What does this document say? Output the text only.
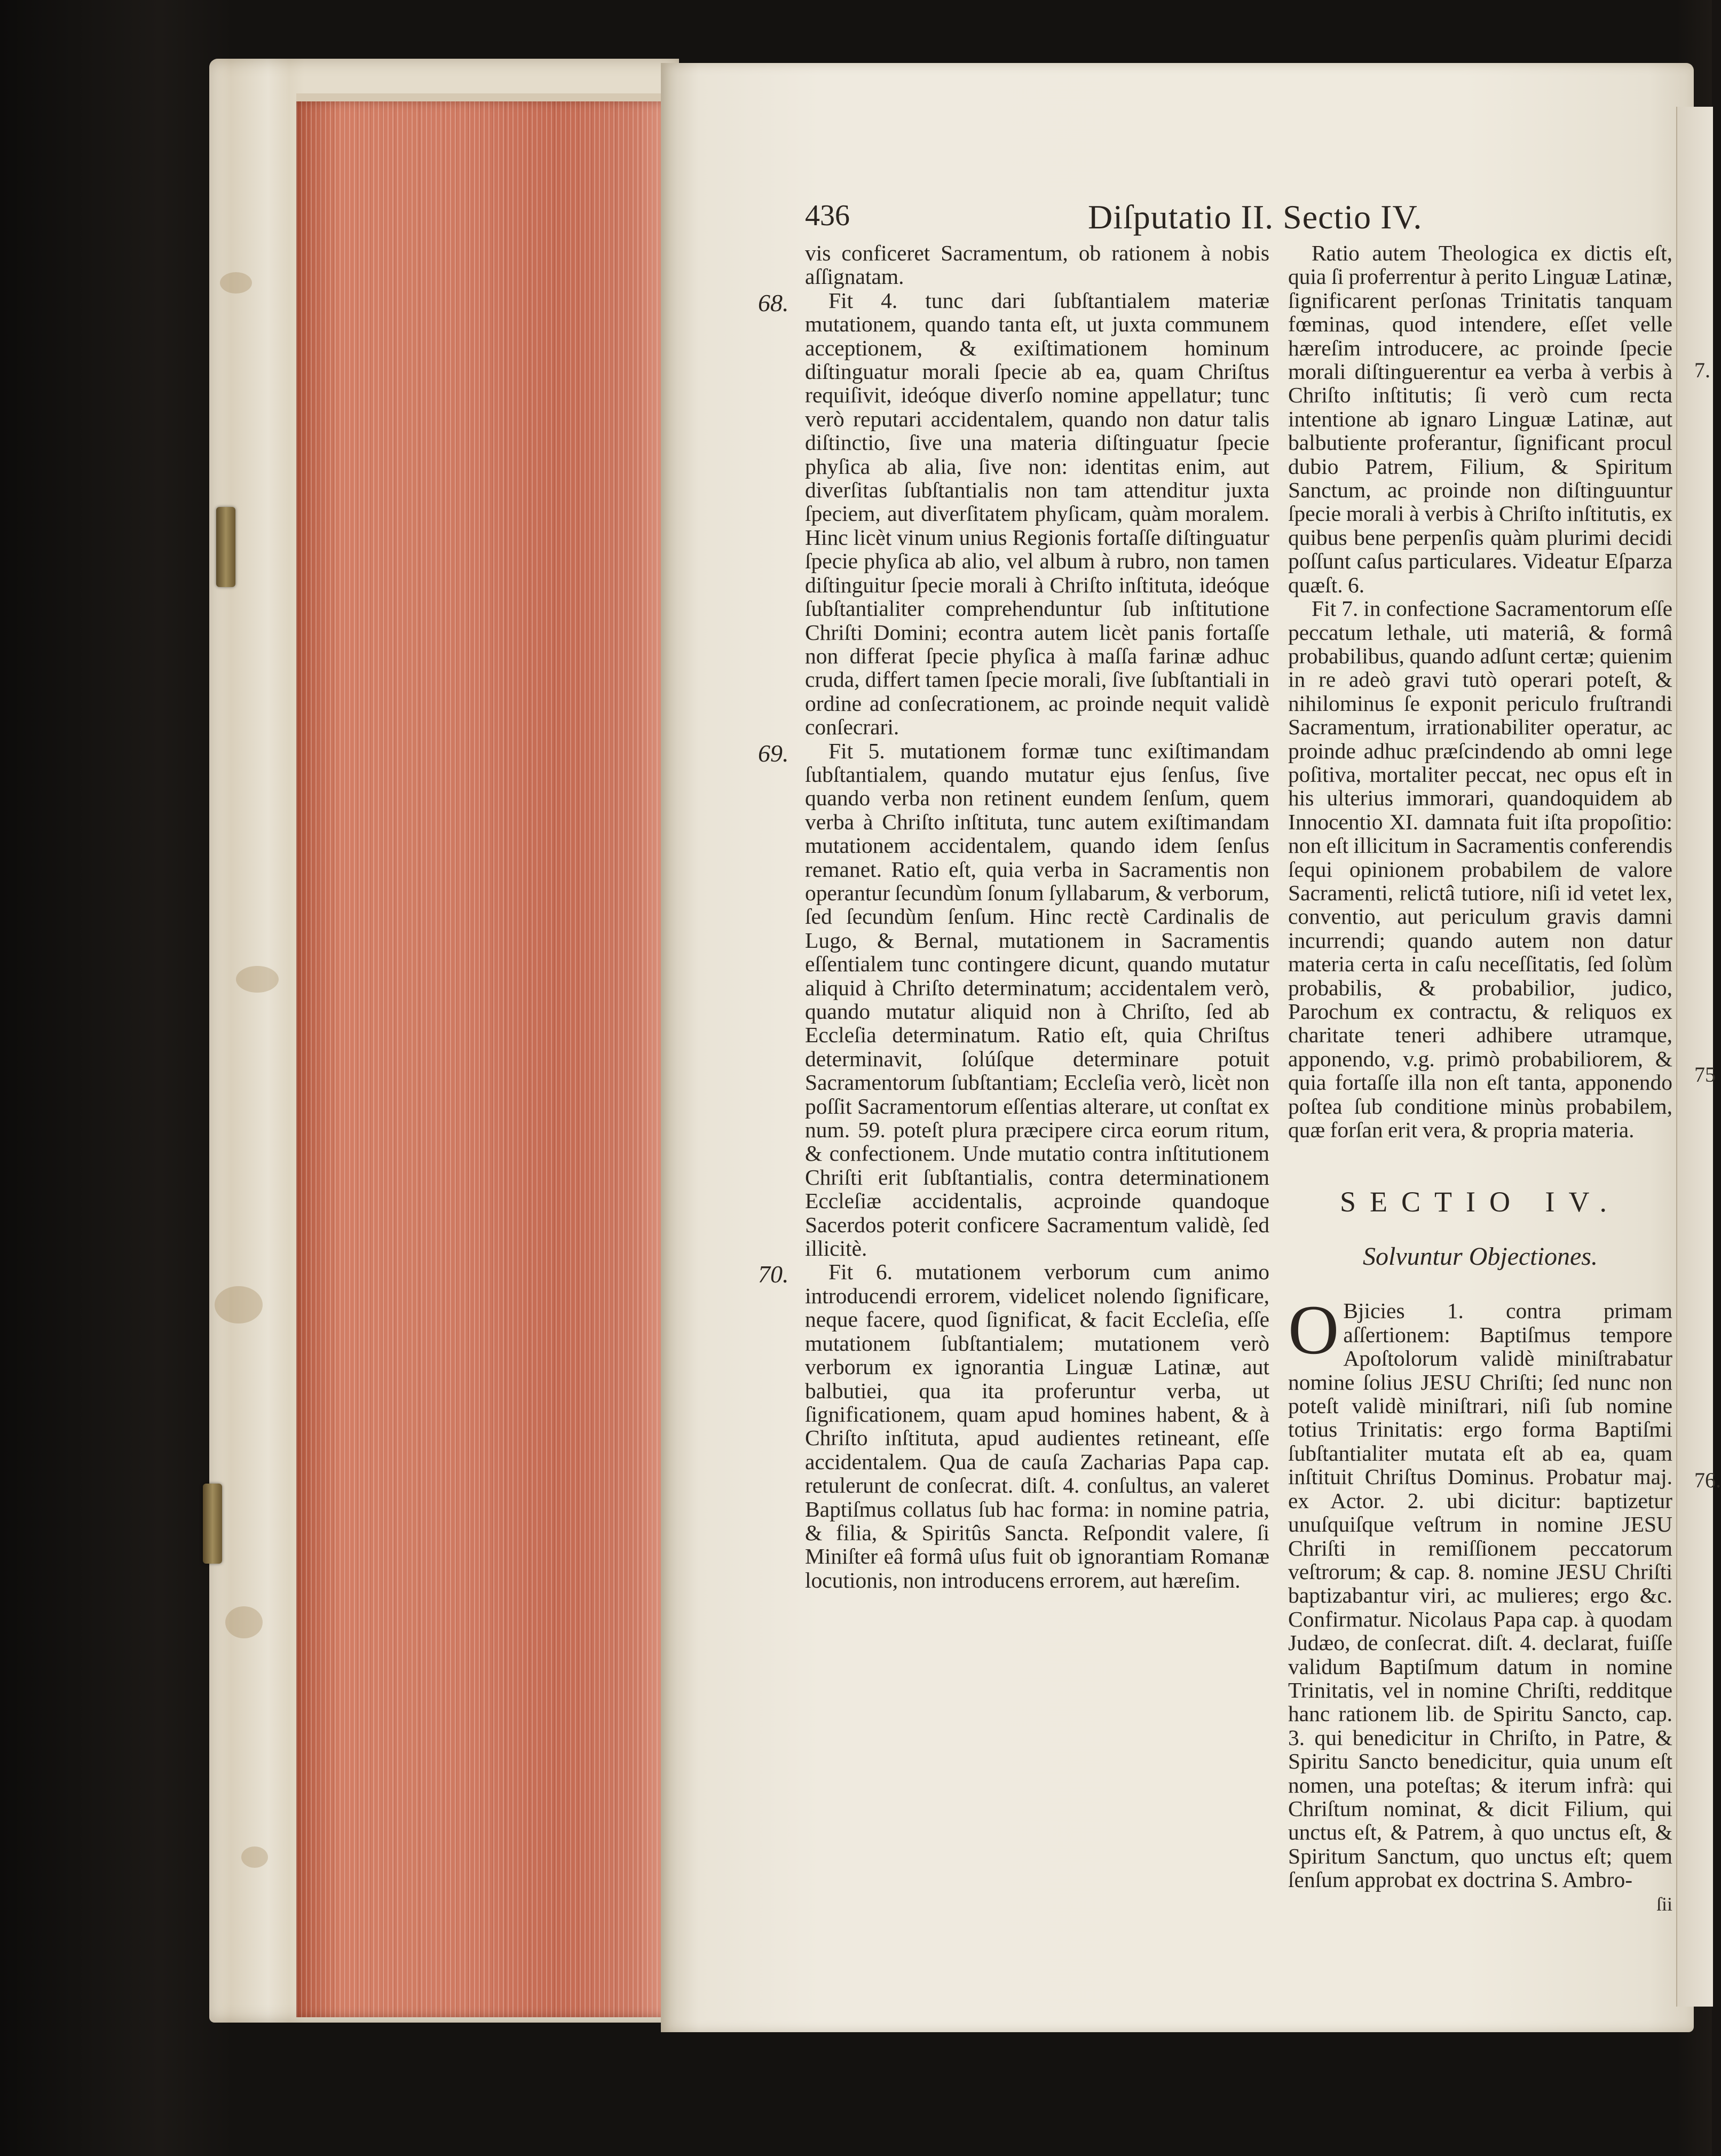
7.
75
76.
436	Diſputatio II. Sectio IV.

vis conficeret Sacramentum, ob rationem à nobis aſſignatam.

68.	Fit 4. tunc dari ſubſtantialem materiæ mutationem, quando tanta eſt, ut juxta communem acceptionem, & exiſtimationem hominum diſtinguatur morali ſpecie ab ea, quam Chriſtus requiſivit, ideóque diverſo nomine appellatur; tunc verò reputari accidentalem, quando non datur talis diſtinctio, ſive una materia diſtinguatur ſpecie phyſica ab alia, ſive non: identitas enim, aut diverſitas ſubſtantialis non tam attenditur juxta ſpeciem, aut diverſitatem phyſicam, quàm moralem. Hinc licèt vinum unius Regionis fortaſſe diſtinguatur ſpecie phyſica ab alio, vel album à rubro, non tamen diſtinguitur ſpecie morali à Chriſto inſtituta, ideóque ſubſtantialiter comprehenduntur ſub inſtitutione Chriſti Domini; econtra autem licèt panis fortaſſe non differat ſpecie phyſica à maſſa farinæ adhuc cruda, differt tamen ſpecie morali, ſive ſubſtantiali in ordine ad conſecrationem, ac proinde nequit validè conſecrari.

69.	Fit 5. mutationem formæ tunc exiſtimandam ſubſtantialem, quando mutatur ejus ſenſus, ſive quando verba non retinent eundem ſenſum, quem verba à Chriſto inſtituta, tunc autem exiſtimandam mutationem accidentalem, quando idem ſenſus remanet. Ratio eſt, quia verba in Sacramentis non operantur ſecundùm ſonum ſyllabarum, & verborum, ſed ſecundùm ſenſum. Hinc rectè Cardinalis de Lugo, & Bernal, mutationem in Sacramentis eſſentialem tunc contingere dicunt, quando mutatur aliquid à Chriſto determinatum; accidentalem verò, quando mutatur aliquid non à Chriſto, ſed ab Eccleſia determinatum. Ratio eſt, quia Chriſtus determinavit, ſolúſque determinare potuit Sacramentorum ſubſtantiam; Eccleſia verò, licèt non poſſit Sacramentorum eſſentias alterare, ut conſtat ex num. 59. poteſt plura præcipere circa eorum ritum, & confectionem. Unde mutatio contra inſtitutionem Chriſti erit ſubſtantialis, contra determinationem Eccleſiæ accidentalis, acproinde quandoque Sacerdos poterit conficere Sacramentum validè, ſed illicitè.

70.	Fit 6. mutationem verborum cum animo introducendi errorem, videlicet nolendo ſignificare, neque facere, quod ſignificat, & facit Eccleſia, eſſe mutationem ſubſtantialem; mutationem verò verborum ex ignorantia Linguæ Latinæ, aut balbutiei, qua ita proferuntur verba, ut ſignificationem, quam apud homines habent, & à Chriſto inſtituta, apud audientes retineant, eſſe accidentalem. Qua de cauſa Zacharias Papa cap. retulerunt de conſecrat. diſt. 4. conſultus, an valeret Baptiſmus collatus ſub hac forma: in nomine patria, & filia, & Spiritûs Sancta. Reſpondit valere, ſi Miniſter eâ formâ uſus fuit ob ignorantiam Romanæ locutionis, non introducens errorem, aut hæreſim.

Ratio autem Theologica ex dictis eſt, quia ſi proferrentur à perito Linguæ Latinæ, ſignificarent perſonas Trinitatis tanquam fœminas, quod intendere, eſſet velle hæreſim introducere, ac proinde ſpecie morali diſtinguerentur ea verba à verbis à Chriſto inſtitutis; ſi verò cum recta intentione ab ignaro Linguæ Latinæ, aut balbutiente proferantur, ſignificant procul dubio Patrem, Filium, & Spiritum Sanctum, ac proinde non diſtinguuntur ſpecie morali à verbis à Chriſto inſtitutis, ex quibus bene perpenſis quàm plurimi decidi poſſunt caſus particulares. Videatur Eſparza quæſt. 6.

Fit 7. in confectione Sacramentorum eſſe peccatum lethale, uti materiâ, & formâ probabilibus, quando adſunt certæ; quienim in re adeò gravi tutò operari poteſt, & nihilominus ſe exponit periculo fruſtrandi Sacramentum, irrationabiliter operatur, ac proinde adhuc præſcindendo ab omni lege poſitiva, mortaliter peccat, nec opus eſt in his ulterius immorari, quandoquidem ab Innocentio XI. damnata fuit iſta propoſitio: non eſt illicitum in Sacramentis conferendis ſequi opinionem probabilem de valore Sacramenti, relictâ tutiore, niſi id vetet lex, conventio, aut periculum gravis damni incurrendi; quando autem non datur materia certa in caſu neceſſitatis, ſed ſolùm probabilis, & probabilior, judico, Parochum ex contractu, & reliquos ex charitate teneri adhibere utramque, apponendo, v.g. primò probabiliorem, & quia fortaſſe illa non eſt tanta, apponendo poſtea ſub conditione minùs probabilem, quæ forſan erit vera, & propria materia.

SECTIO IV.
Solvuntur Objectiones.
O Bjicies 1. contra primam aſſertionem: Baptiſmus tempore Apoſtolorum validè miniſtrabatur nomine ſolius JESU Chriſti; ſed nunc non poteſt validè miniſtrari, niſi ſub nomine totius Trinitatis: ergo forma Baptiſmi ſubſtantialiter mutata eſt ab ea, quam inſtituit Chriſtus Dominus. Probatur maj. ex Actor. 2. ubi dicitur: baptizetur unuſquiſque veſtrum in nomine JESU Chriſti in remiſſionem peccatorum veſtrorum; & cap. 8. nomine JESU Chriſti baptizabantur viri, ac mulieres; ergo &c. Confirmatur. Nicolaus Papa cap. à quodam Judæo, de conſecrat. diſt. 4. declarat, fuiſſe validum Baptiſmum datum in nomine Trinitatis, vel in nomine Chriſti, redditque hanc rationem lib. de Spiritu Sancto, cap. 3. qui benedicitur in Chriſto, in Patre, & Spiritu Sancto benedicitur, quia unum eſt nomen, una poteſtas; & iterum infrà: qui Chriſtum nominat, & dicit Filium, qui unctus eſt, & Patrem, à quo unctus eſt, & Spiritum Sanctum, quo unctus eſt; quem ſenſum approbat ex doctrina S. Ambro-

ſii
